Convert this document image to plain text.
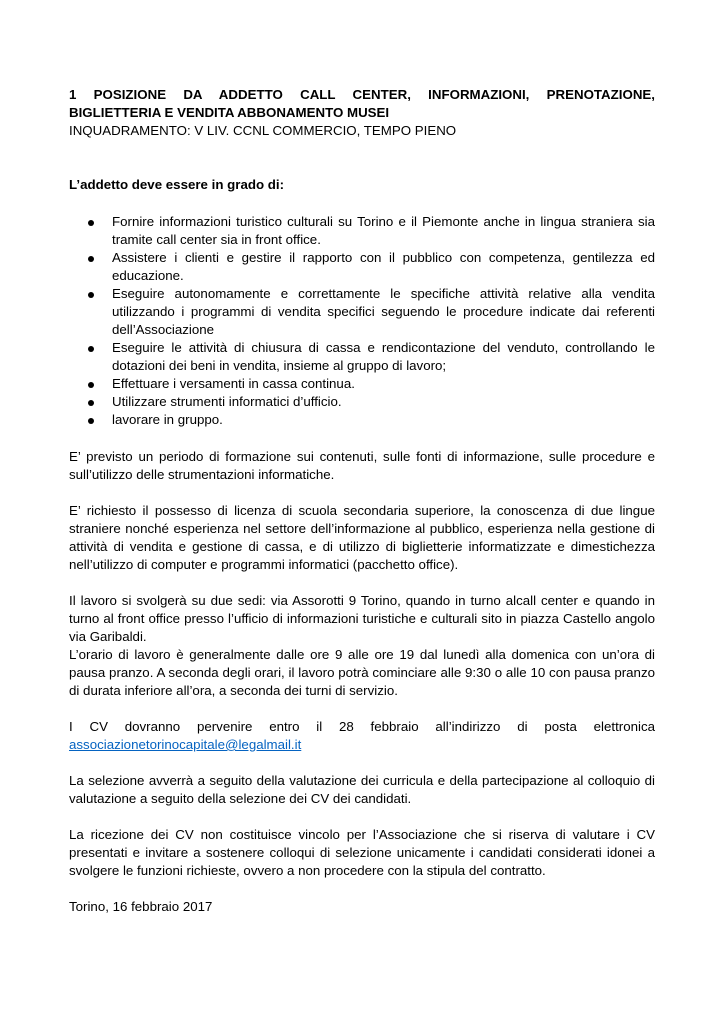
1 POSIZIONE DA ADDETTO CALL CENTER, INFORMAZIONI, PRENOTAZIONE, BIGLIETTERIA E VENDITA ABBONAMENTO MUSEI

INQUADRAMENTO: V LIV. CCNL COMMERCIO, TEMPO PIENO

L’addetto deve essere in grado di:

Fornire informazioni turistico culturali su Torino e il Piemonte anche in lingua straniera sia tramite call center sia in front office.
Assistere i clienti e gestire il rapporto con il pubblico con competenza, gentilezza ed educazione.
Eseguire autonomamente e correttamente le specifiche attività relative alla vendita utilizzando i programmi di vendita specifici seguendo le procedure indicate dai referenti dell’Associazione
Eseguire le attività di chiusura di cassa e rendicontazione del venduto, controllando le dotazioni dei beni in vendita, insieme al gruppo di lavoro;
Effettuare i versamenti in cassa continua.
Utilizzare strumenti informatici d’ufficio.
lavorare in gruppo.

E’ previsto un periodo di formazione sui contenuti, sulle fonti di informazione, sulle procedure e sull’utilizzo delle strumentazioni informatiche.

E’ richiesto il possesso di licenza di scuola secondaria superiore, la conoscenza di due lingue straniere nonché esperienza nel settore dell’informazione al pubblico, esperienza nella gestione di attività di vendita e gestione di cassa, e di utilizzo di biglietterie informatizzate e dimestichezza nell’utilizzo di computer e programmi informatici (pacchetto office).

Il lavoro si svolgerà su due sedi: via Assorotti 9 Torino, quando in turno alcall center e quando in turno al front office presso l’ufficio di informazioni turistiche e culturali sito in piazza Castello angolo via Garibaldi.

L’orario di lavoro è generalmente dalle ore 9 alle ore 19 dal lunedì alla domenica con un’ora di pausa pranzo. A seconda degli orari, il lavoro potrà cominciare alle 9:30 o alle 10 con pausa pranzo di durata inferiore all’ora, a seconda dei turni di servizio.

I CV dovranno pervenire entro il 28 febbraio all’indirizzo di posta elettronica associazionetorinocapitale@legalmail.it

La selezione avverrà a seguito della valutazione dei curricula e della partecipazione al colloquio di valutazione a seguito della selezione dei CV dei candidati.

La ricezione dei CV non costituisce vincolo per l’Associazione che si riserva di valutare i CV presentati e invitare a sostenere colloqui di selezione unicamente i candidati considerati idonei a svolgere le funzioni richieste, ovvero a non procedere con la stipula del contratto.

Torino, 16 febbraio 2017
